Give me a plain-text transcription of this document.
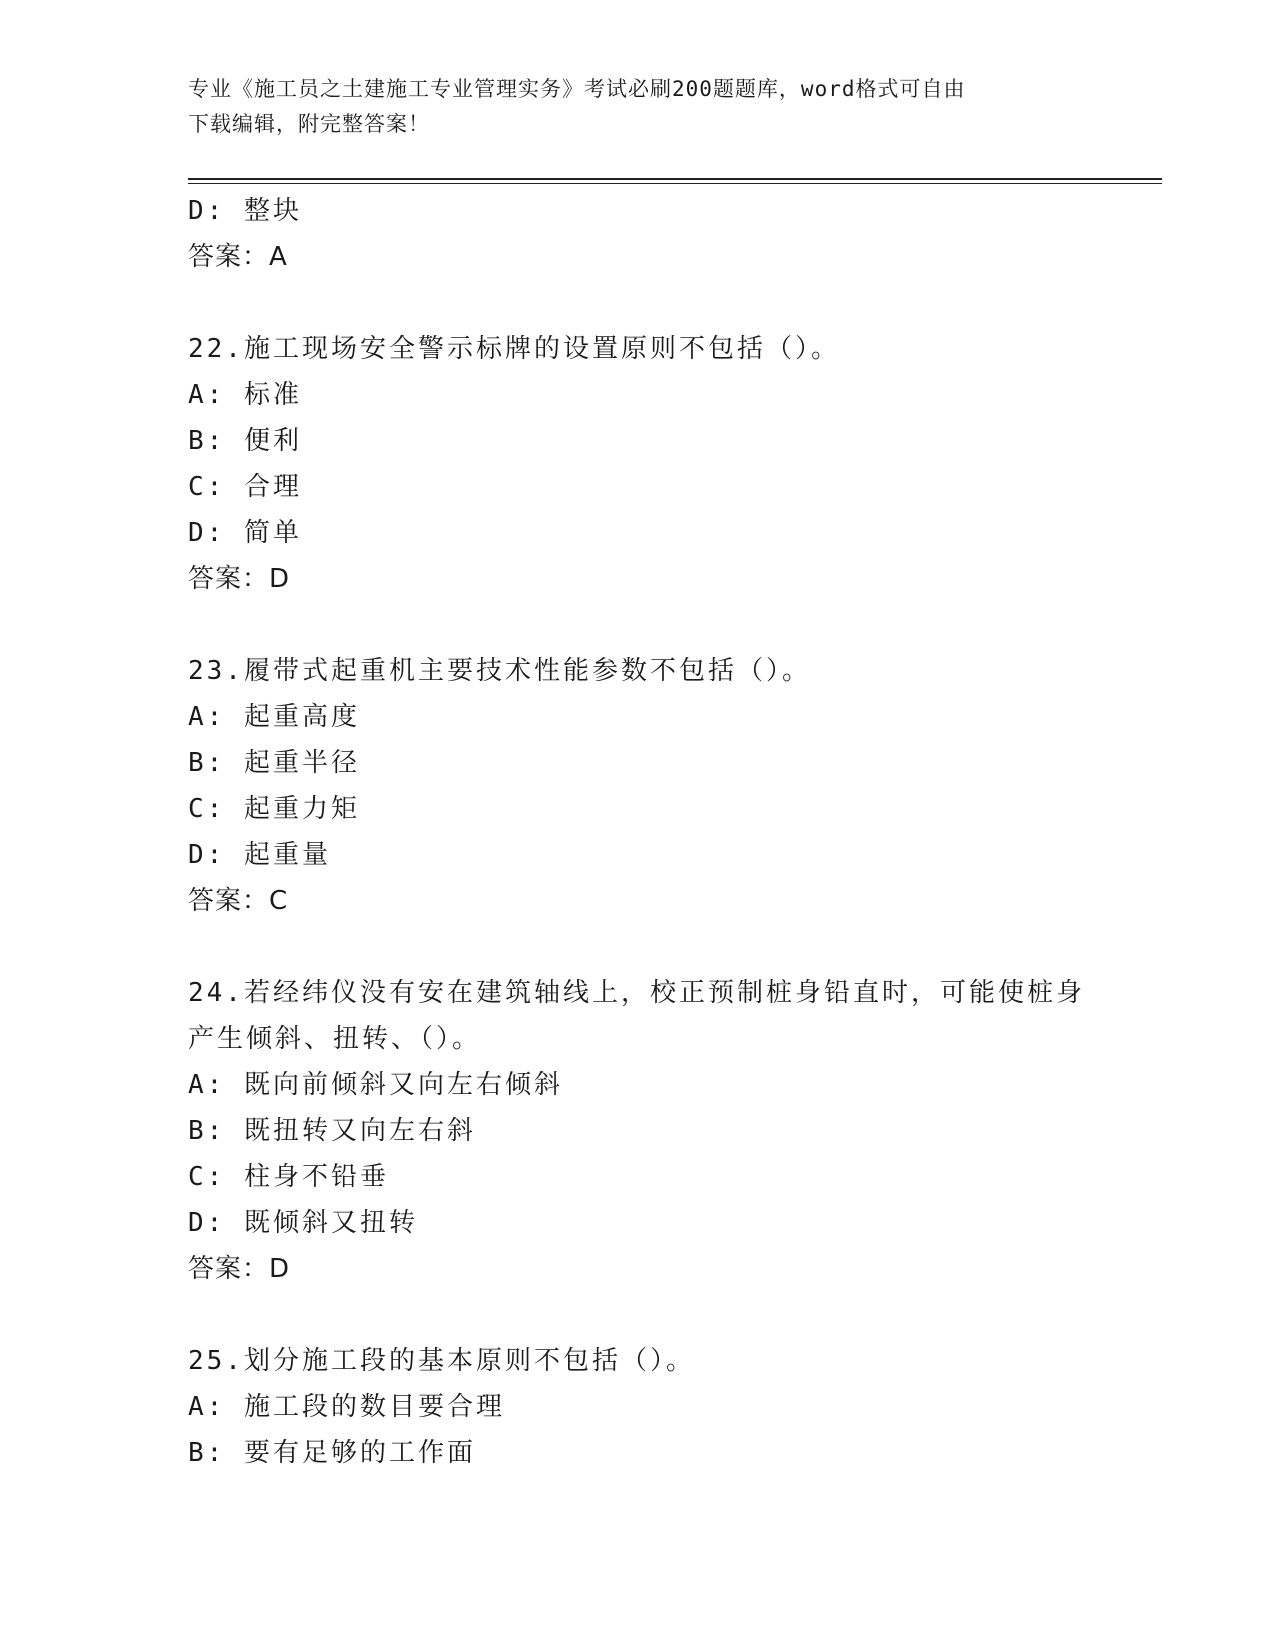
专业《施工员之土建施工专业管理实务》考试必刷200题题库，word格式可自由
下载编辑，附完整答案！
D: 整块
答案：A
22.施工现场安全警示标牌的设置原则不包括（）。
A: 标准
B: 便利
C: 合理
D: 简单
答案：D
23.履带式起重机主要技术性能参数不包括（）。
A: 起重高度
B: 起重半径
C: 起重力矩
D: 起重量
答案：C
24.若经纬仪没有安在建筑轴线上，校正预制桩身铅直时，可能使桩身
产生倾斜、扭转、（）。
A: 既向前倾斜又向左右倾斜
B: 既扭转又向左右斜
C: 柱身不铅垂
D: 既倾斜又扭转
答案：D
25.划分施工段的基本原则不包括（）。
A: 施工段的数目要合理
B: 要有足够的工作面
